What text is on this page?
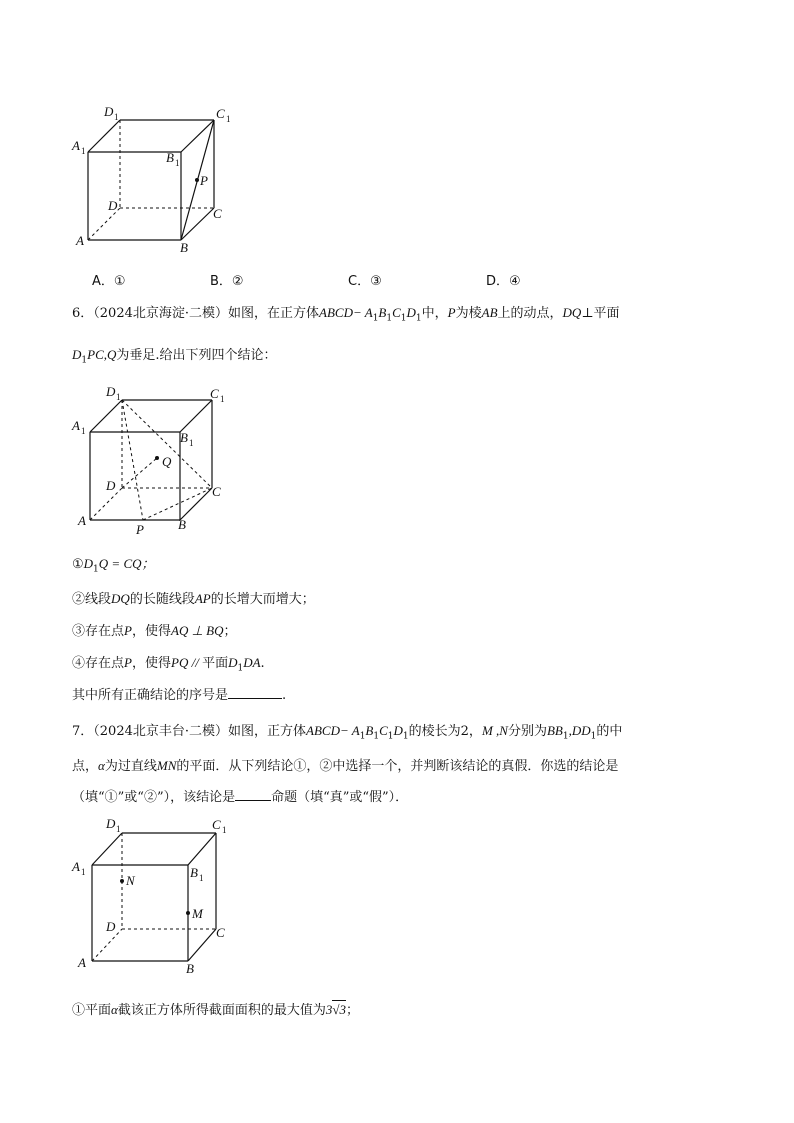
D 1	C 1
A 1	B 1
P
D
C
A	B
A．①	B．②	C．③	D．④
6．（2024北京海淀·二模）如图，在正方体ABCD− $A_1B_1C_1D_1$中，P为棱AB上的动点，DQ⊥平面
$D_1PC,Q$为垂足.给出下列四个结论：
D 1	C 1
A 1	B 1
Q
D	C
A
P	B
$①D_1Q$ = CQ；
②线段DQ的长随线段AP的长增大而增大；
③存在点P，使得AQ ⊥ BQ；
④存在点P，使得PQ // 平面$D_1DA$.
其中所有正确结论的序号是	.
7．（2024北京丰台·二模）如图，正方体ABCD− $A_1B_1C_1D_1$的棱长为2，M ,N分别为$BB_1,DD_1$的中
点，α为过直线MN的平面．从下列结论①，②中选择一个，并判断该结论的真假．你选的结论是
（填“①”或“②”），该结论是	命题（填“真”或“假”）．
D 1	C 1
A 1	B 1
N
M
D	C
A	B
①平面α截该正方体所得截面面积的最大值为3√3；
